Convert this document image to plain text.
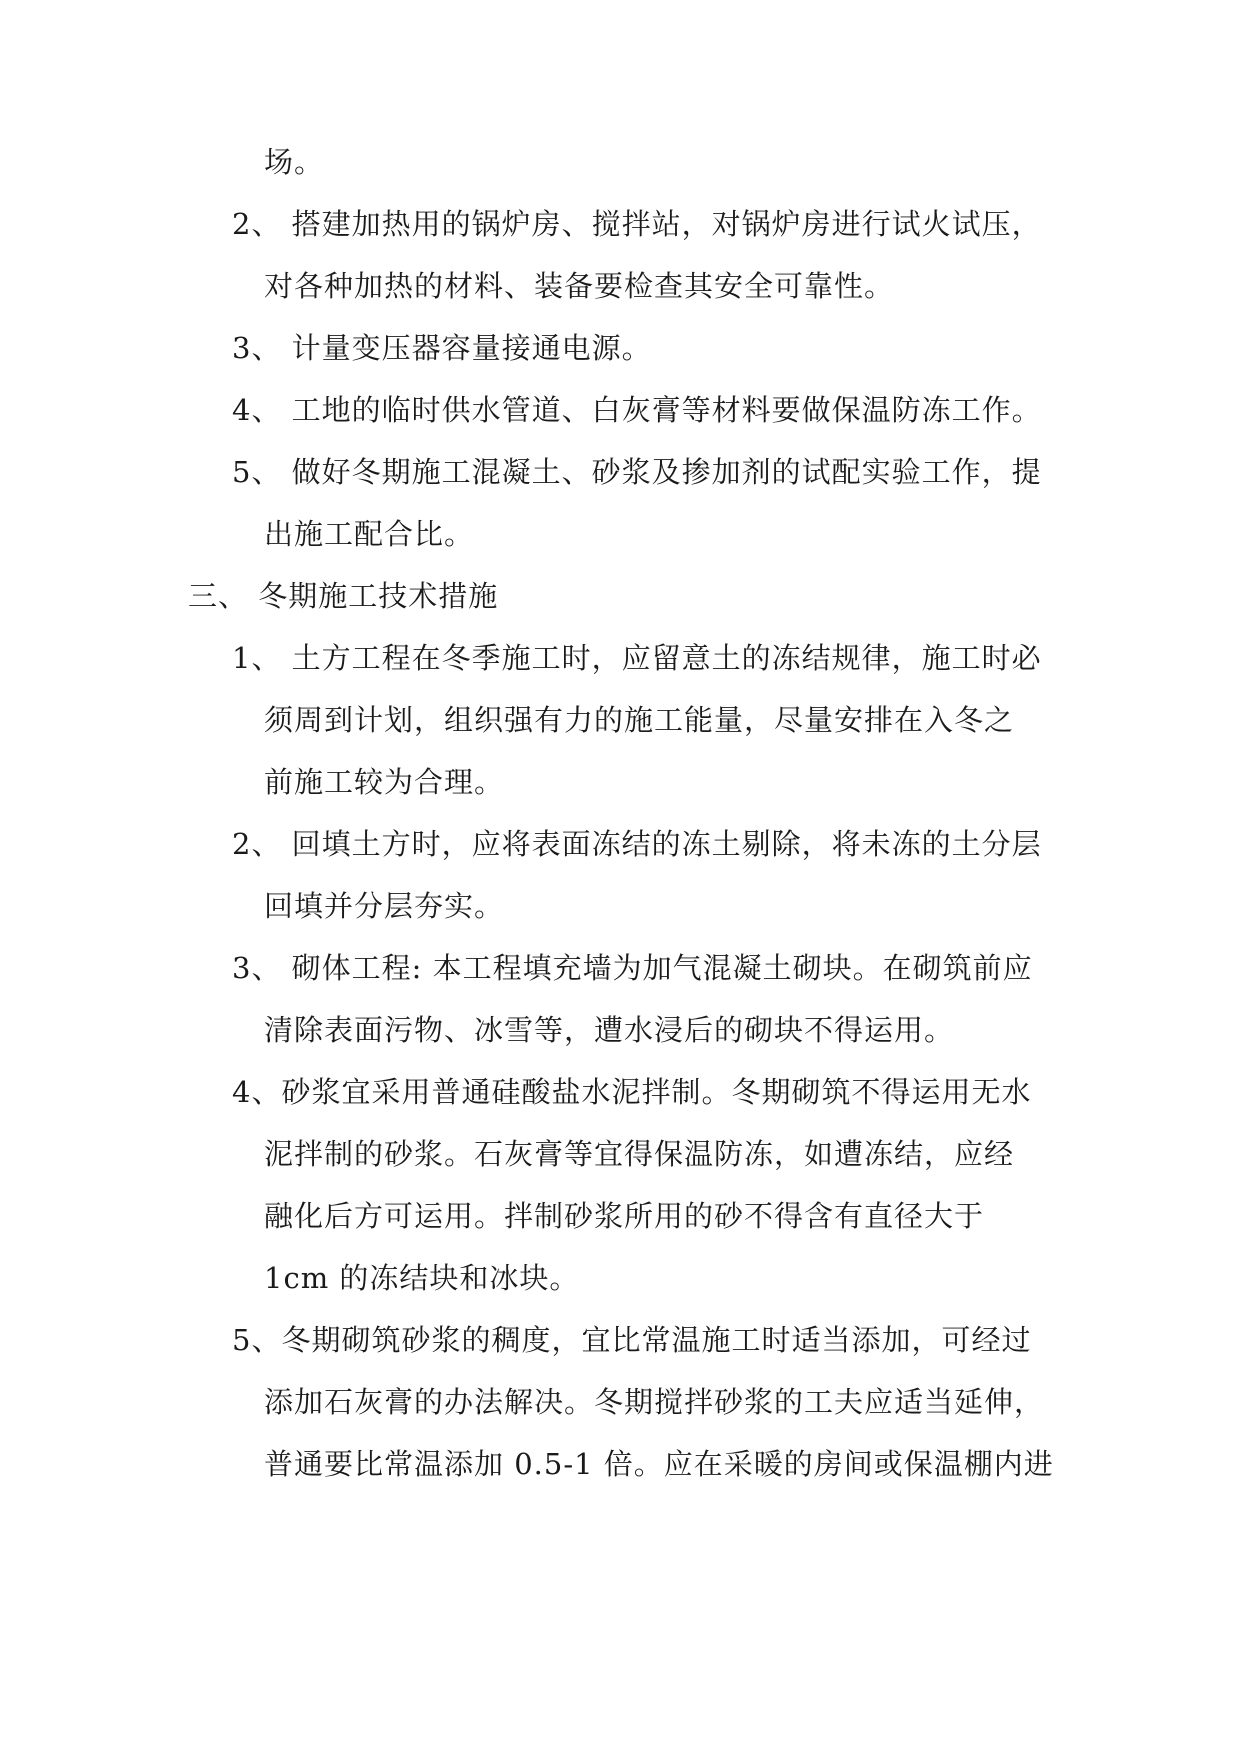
场。
2、 搭建加热用的锅炉房、搅拌站，对锅炉房进行试火试压，
对各种加热的材料、装备要检查其安全可靠性。
3、 计量变压器容量接通电源。
4、 工地的临时供水管道、白灰膏等材料要做保温防冻工作。
5、 做好冬期施工混凝土、砂浆及掺加剂的试配实验工作，提
出施工配合比。
三、 冬期施工技术措施
1、 土方工程在冬季施工时，应留意土的冻结规律，施工时必
须周到计划，组织强有力的施工能量，尽量安排在入冬之
前施工较为合理。
2、 回填土方时，应将表面冻结的冻土剔除，将未冻的土分层
回填并分层夯实。
3、 砌体工程: 本工程填充墙为加气混凝土砌块。在砌筑前应
清除表面污物、冰雪等，遭水浸后的砌块不得运用。
4、砂浆宜采用普通硅酸盐水泥拌制。冬期砌筑不得运用无水
泥拌制的砂浆。石灰膏等宜得保温防冻，如遭冻结，应经
融化后方可运用。拌制砂浆所用的砂不得含有直径大于
1cm 的冻结块和冰块。
5、冬期砌筑砂浆的稠度，宜比常温施工时适当添加，可经过
添加石灰膏的办法解决。冬期搅拌砂浆的工夫应适当延伸，
普通要比常温添加 0.5-1 倍。应在采暖的房间或保温棚内进
